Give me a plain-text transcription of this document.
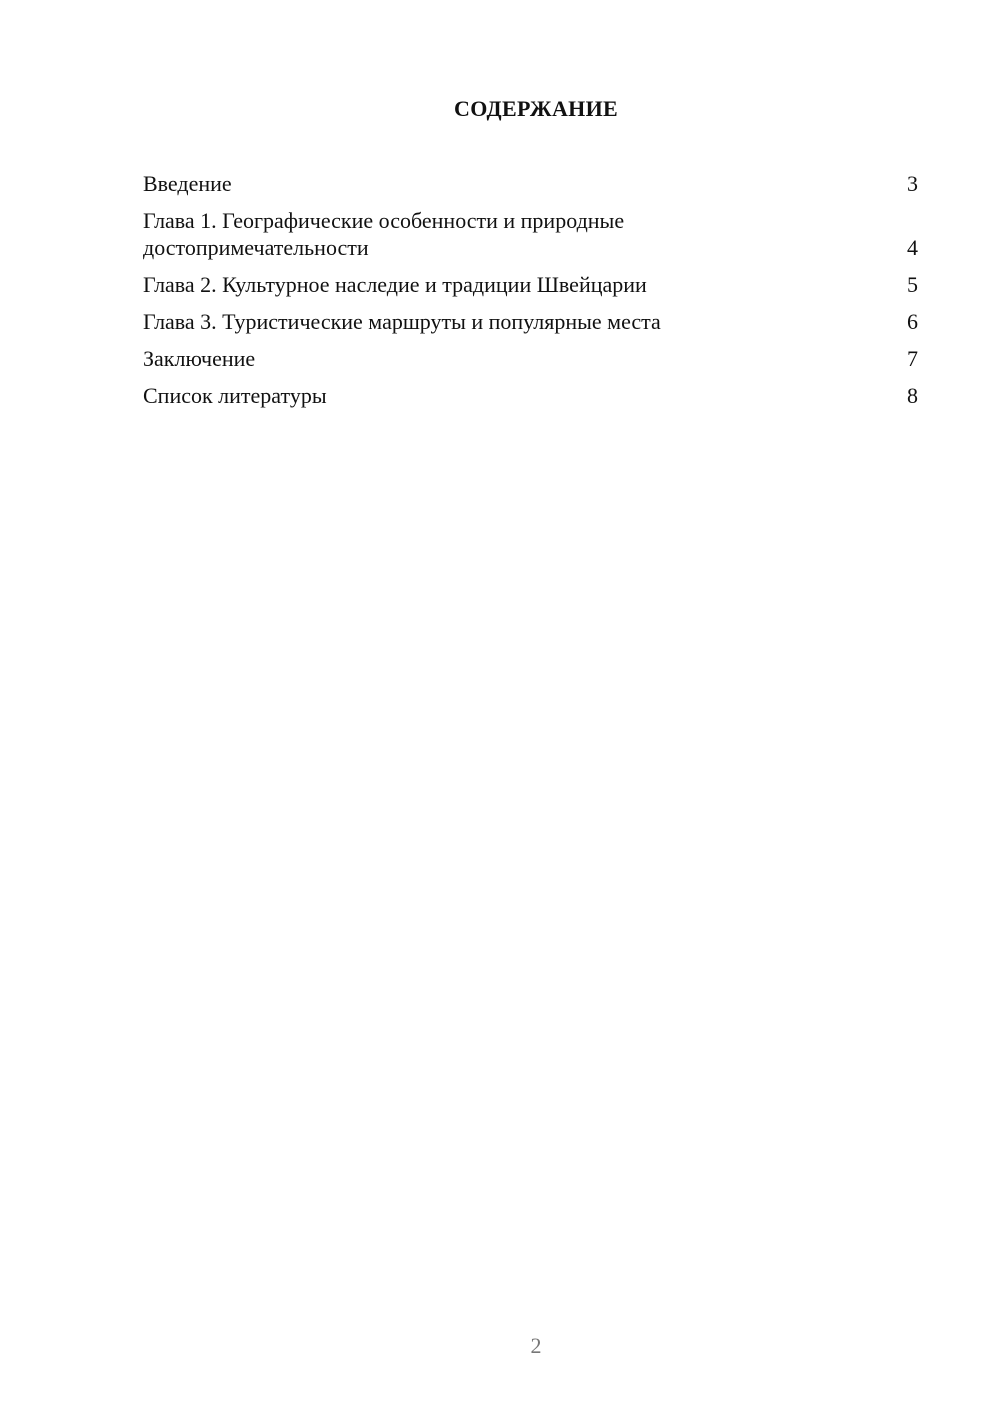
СОДЕРЖАНИЕ
Введение	3
Глава 1. Географические особенности и природные достопримечательности	4
Глава 2. Культурное наследие и традиции Швейцарии	5
Глава 3. Туристические маршруты и популярные места	6
Заключение	7
Список литературы	8
2
